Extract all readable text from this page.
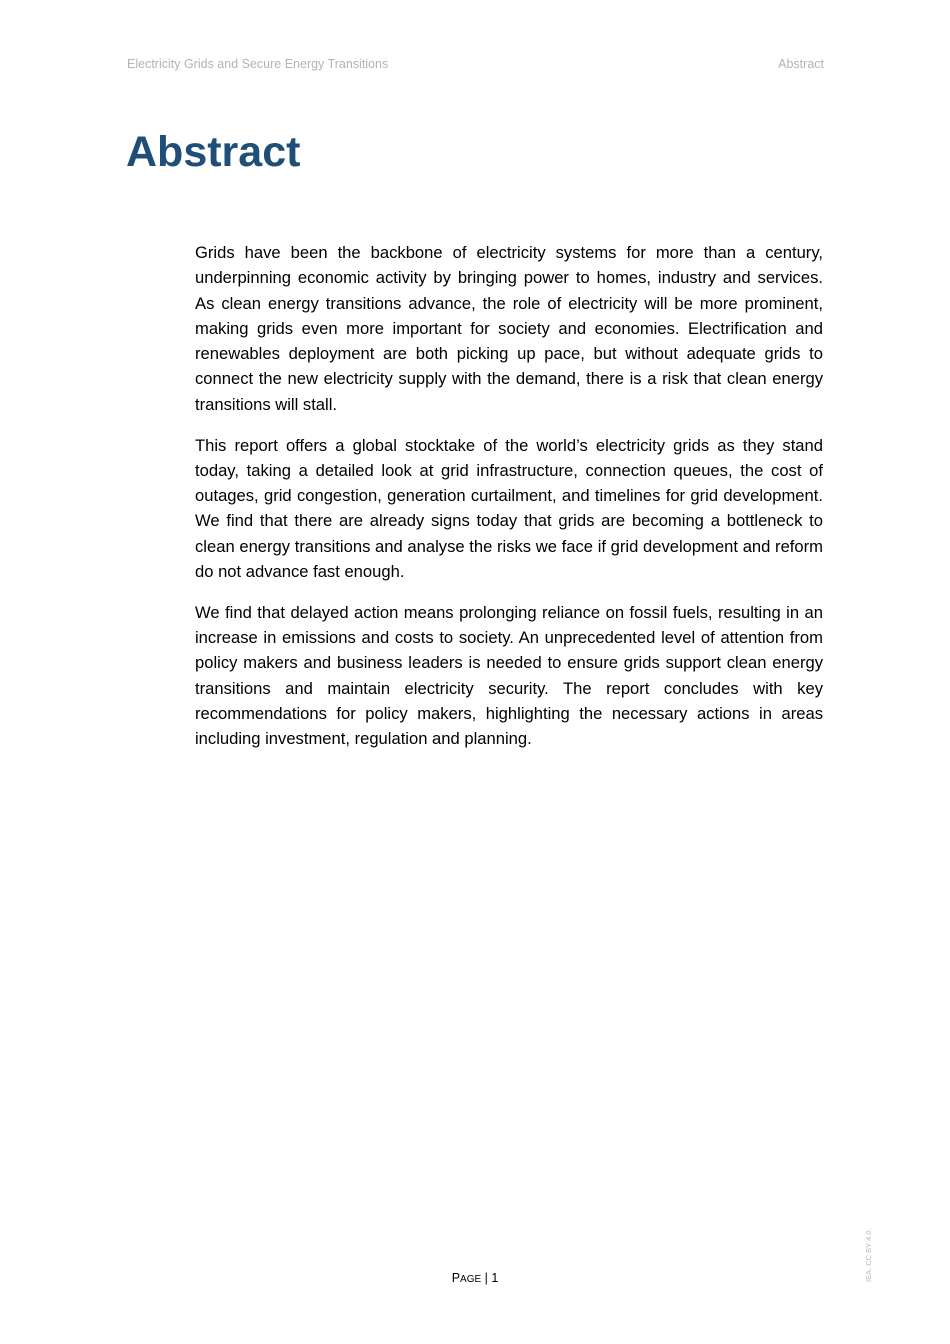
Electricity Grids and Secure Energy Transitions	Abstract
Abstract

Grids have been the backbone of electricity systems for more than a century, underpinning economic activity by bringing power to homes, industry and services. As clean energy transitions advance, the role of electricity will be more prominent, making grids even more important for society and economies. Electrification and renewables deployment are both picking up pace, but without adequate grids to connect the new electricity supply with the demand, there is a risk that clean energy transitions will stall.

This report offers a global stocktake of the world’s electricity grids as they stand today, taking a detailed look at grid infrastructure, connection queues, the cost of outages, grid congestion, generation curtailment, and timelines for grid development. We find that there are already signs today that grids are becoming a bottleneck to clean energy transitions and analyse the risks we face if grid development and reform do not advance fast enough.

We find that delayed action means prolonging reliance on fossil fuels, resulting in an increase in emissions and costs to society. An unprecedented level of attention from policy makers and business leaders is needed to ensure grids support clean energy transitions and maintain electricity security. The report concludes with key recommendations for policy makers, highlighting the necessary actions in areas including investment, regulation and planning.

PAGE | 1	IEA. CC BY 4.0.
